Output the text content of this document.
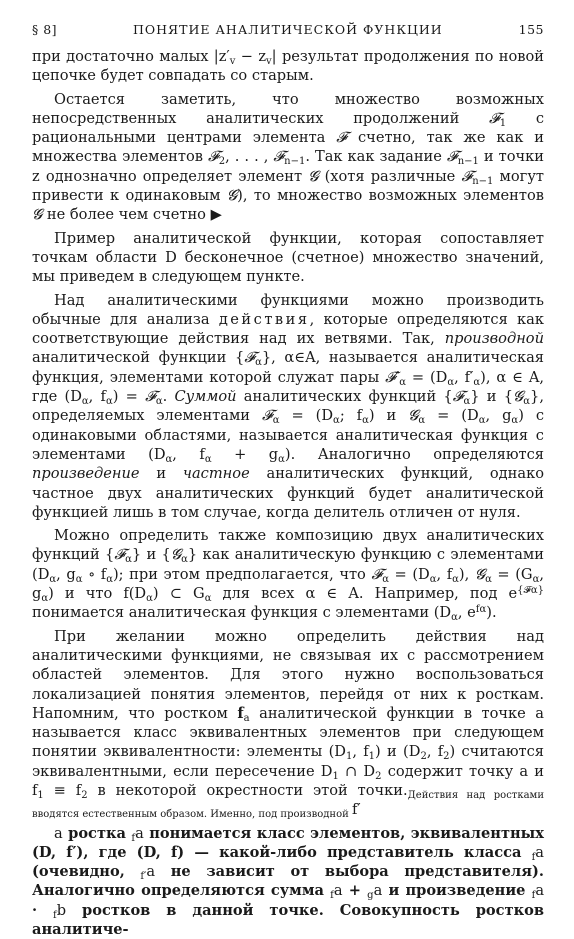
§ 8]	ПОНЯТИЕ АНАЛИТИЧЕСКОЙ ФУНКЦИИ	155

при достаточно малых $|z'_v - z_v|$ результат продолжения по новой цепочке будет совпадать со старым.

Остается заметить, что множество возможных непосредственных аналитических продолжений 𝓕$_1$ с рациональными центрами элемента 𝓕 счетно, так же как и множества элементов 𝓕$_2$, . . . , 𝓕$_{n-1}$. Так как задание 𝓕$_{n-1}$ и точки z однозначно определяет элемент 𝓖 (хотя различные 𝓕$_{n-1}$ могут привести к одинаковым 𝓖), то множество возможных элементов 𝓖 не более чем счетно ▶

Пример аналитической функции, которая сопоставляет точкам области D бесконечное (счетное) множество значений, мы приведем в следующем пункте.

Над аналитическими функциями можно производить обычные для анализа действия, которые определяются как соответствующие действия над их ветвями. Так, производной аналитической функции {𝓕$_\alpha$}, α∈A, называется аналитическая функция, элементами которой служат пары $𝓕'_\alpha = (D_\alpha$, $f'_\alpha$), α ∈ A, где ($D_\alpha$, $f_\alpha$) = 𝓕$_\alpha$. Суммой аналитических функций {𝓕$_\alpha$} и {𝓖$_\alpha$}, определяемых элементами 𝓕$_\alpha$ = ($D_\alpha$; $f_\alpha$) и 𝓖$_\alpha$ = ($D_\alpha$, $g_\alpha$) с одинаковыми областями, называется аналитическая функция с элементами ($D_\alpha$, $f_\alpha + g_\alpha$). Аналогично определяются произведение и частное аналитических функций, однако частное двух аналитических функций будет аналитической функцией лишь в том случае, когда делитель отличен от нуля.

Можно определить также композицию двух аналитических функций {𝓕$_\alpha$} и {𝓖$_\alpha$} как аналитическую функцию с элементами ($D_\alpha$, $g_\alpha$ ∘ $f_\alpha$); при этом предполагается, что 𝓕$_\alpha$ = ($D_\alpha$, $f_\alpha$), 𝓖$_\alpha$ = ($G_\alpha$, $g_\alpha$) и что $f(D_\alpha)$ ⊂ $G_\alpha$ для всех α ∈ A. Например, под $e^{\{𝓕\alpha\}}$ понимается аналитическая функция с элементами ($D_\alpha$, $e^{f\alpha}$).

При желании можно определить действия над аналитическими функциями, не связывая их с рассмотрением областей элементов. Для этого нужно воспользоваться локализацией понятия элементов, перейдя от них к росткам. Напомним, что ростком $f_a$ аналитической функции в точке a называется класс эквивалентных элементов при следующем понятии эквивалентности: элементы ($D_1$, $f_1$) и ($D_2$, $f_2$) считаются эквивалентными, если пересечение $D_1$ ∩ $D_2$ содержит точку a и $f_1 \equiv f_2$ в некоторой окрестности этой $точки._{Действия над ростками вводятся естественным образом. Именно, под производной}$ f′

a ростка $_f$a понимается класс элементов, эквивалентных (D, f′), где (D, f) — какой-либо представитель класса $_f$a (очевидно, $_{f'}$a не зависит от выбора представителя). Аналогично определяются сумма $_f$a + $_g$a и произведение $_f$a · $_f$b ростков в данной точке. Совокупность ростков аналитиче-
